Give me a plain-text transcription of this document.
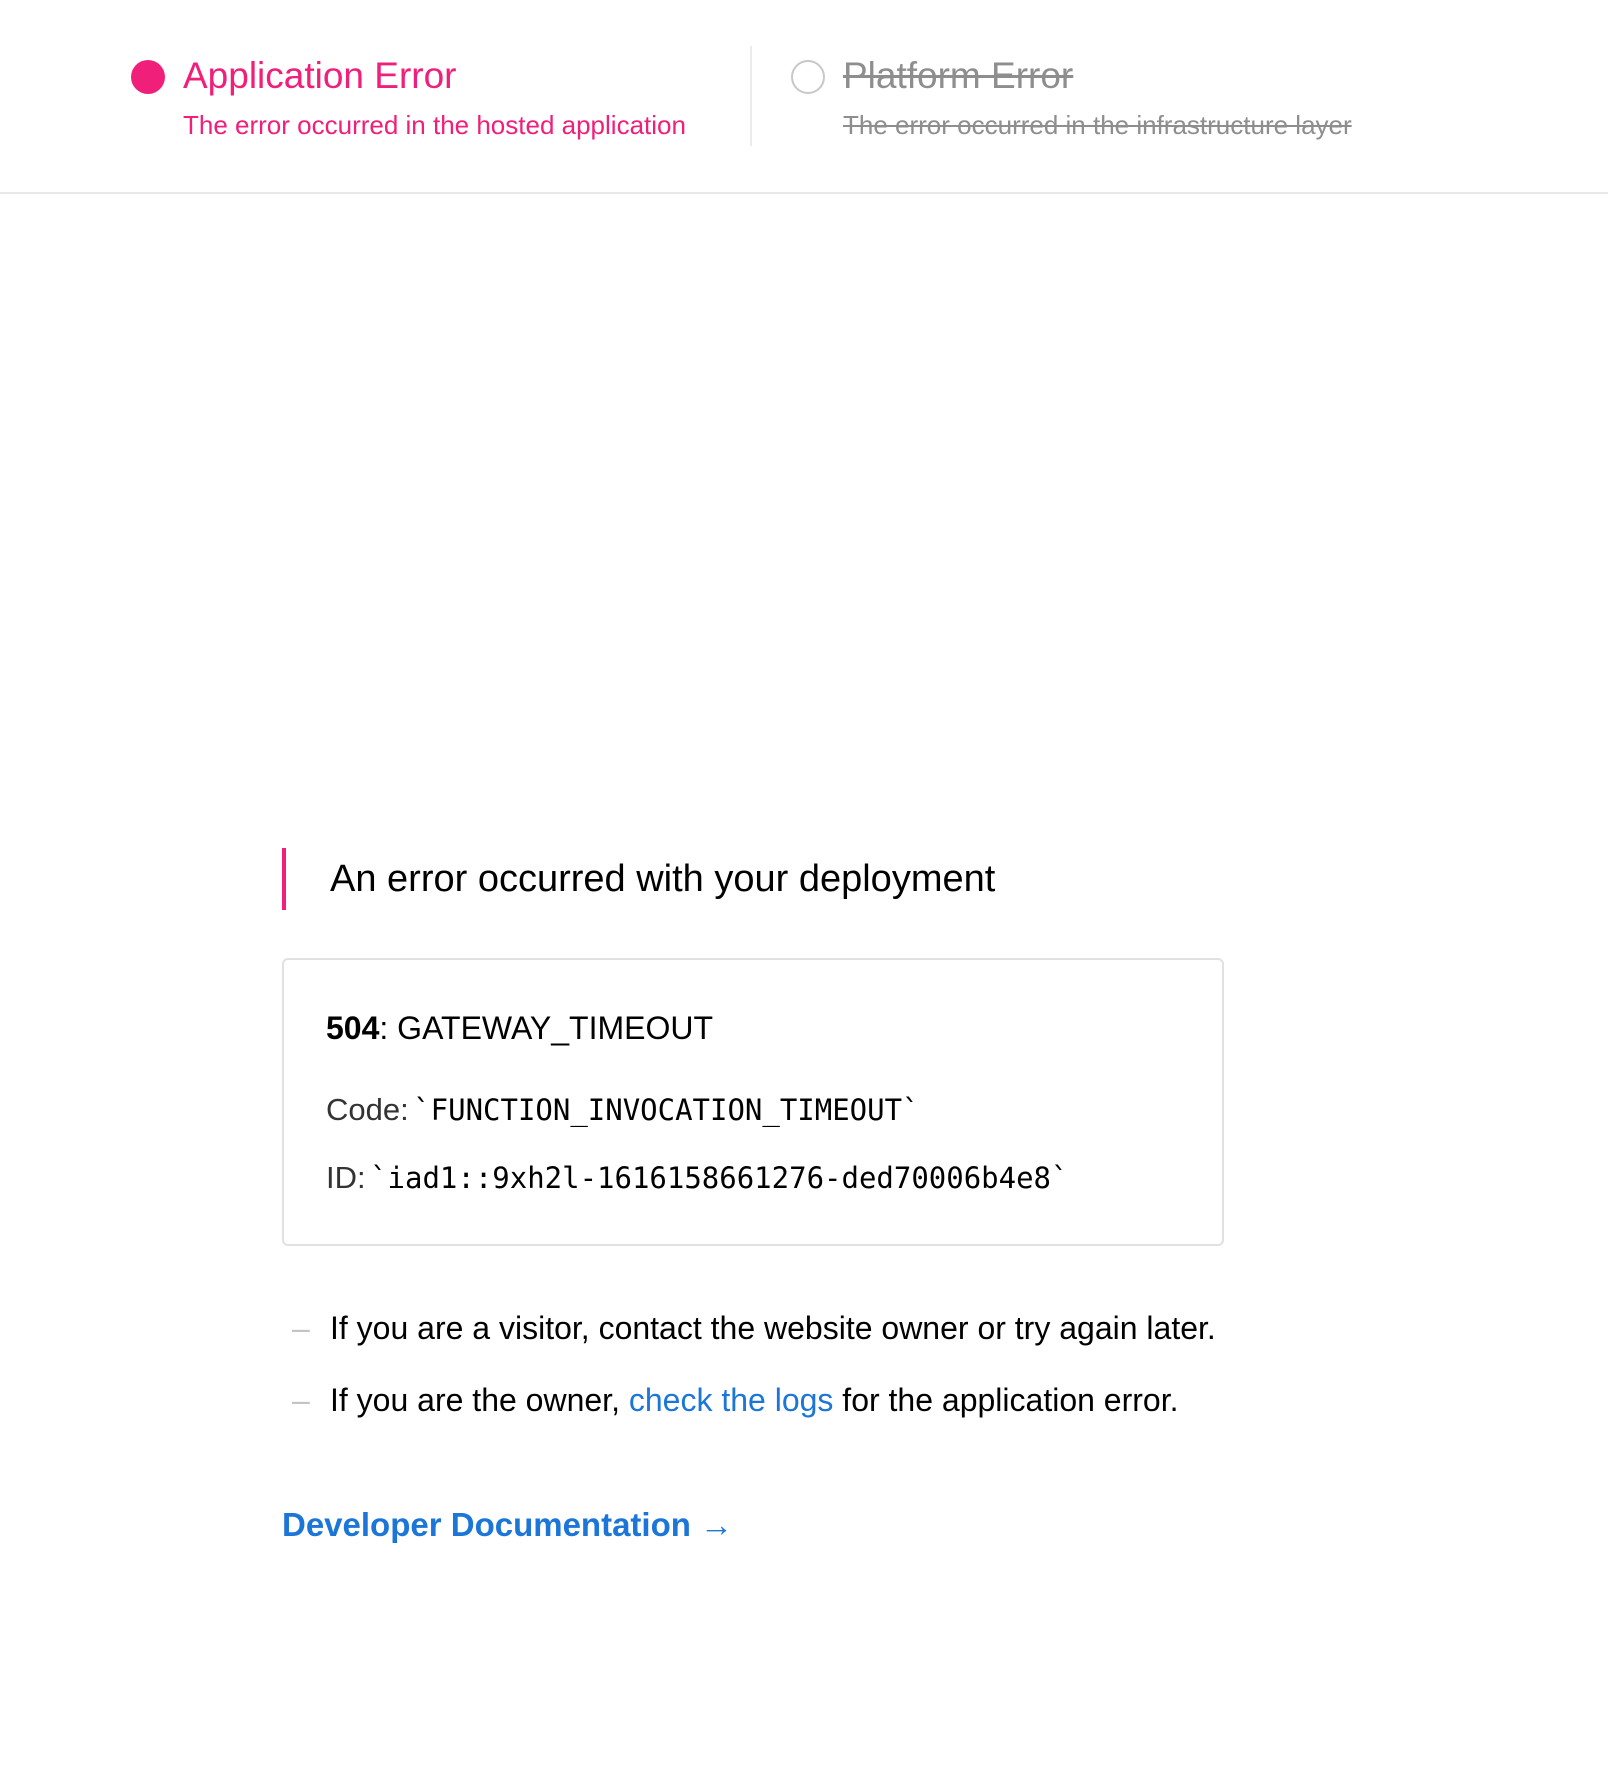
Application Error
The error occurred in the hosted application
Platform Error
The error occurred in the infrastructure layer
An error occurred with your deployment
504: GATEWAY_TIMEOUT
Code: `FUNCTION_INVOCATION_TIMEOUT`
ID: `iad1::9xh2l-1616158661276-ded70006b4e8`
– If you are a visitor, contact the website owner or try again later.
– If you are the owner, check the logs for the application error.
Developer Documentation →
